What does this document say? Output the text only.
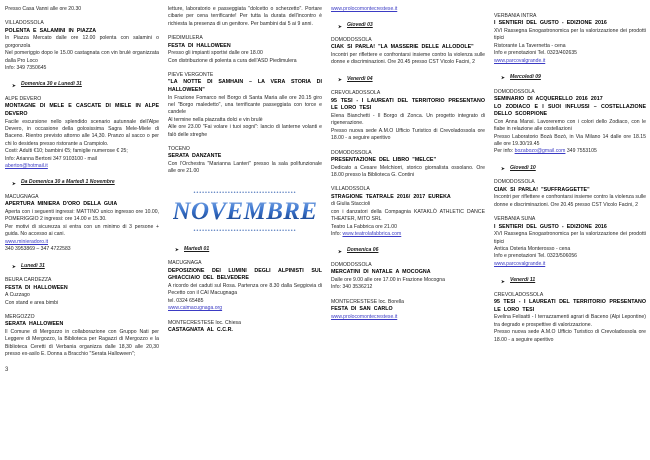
Presso Casa Vanni alle ore 20.30

VILLADOSSOLA

POLENTA E SALAMINI IN PIAZZA

In Piazza Mercato dalle ore 12.00 polenta con salamini o gorgonzola

Nel pomeriggio dopo le 15.00 castagnata con vin brulé organizzata dalla Pro Loco

Info: 349 7350645

➤ Domenica 30 e Lunedì 31

ALPE DEVERO

MONTAGNE DI MELE E CASCATE DI MIELE IN ALPE DEVERO

Facile escursione nello splendido scenario autunnale dell'Alpe Devero, in occasione della golosissima Sagra Mele-Miele di Baceno. Rientro previsto attorno alle 14,30. Pranzo al sacco o per chi lo desidera presso ristorante a Crampiolo.

Costi: Adulti €10; bambini €5; famiglie numerose € 25;

Info: Arianna Bertoni 347 9103100 - mail

aberton@hotmail.it

➤ Da Domenica 30 a Martedì 1 Novembre

MACUGNAGA

APERTURA MINIERA D'ORO DELLA GUIA

Aperta con i seguenti ingressi: MATTINO unico ingresso ore 10.00, POMERIGGIO 2 ingressi: ore 14.00 e 15.30.

Per motivi di sicurezza si entra con un minimo di 3 persone + guida. No accesso ai cani.

www.minieradoro.it

340 3953869 – 347 4722583

➤ Lunedì 31

BEURA CARDEZZA

FESTA DI HALLOWEEN

A Cuzzago

Con stand e area bimbi

MERGOZZO

SERATA HALLOWEEN

Il Comune di Mergozzo in collaborazione con Gruppo Nati per Leggere di Mergozzo, la Biblioteca per Ragazzi di Mergozzo e la Biblioteca Ceretti di Verbania organizza dalle 18,30 alle 20,30 presso ex-asilo E. Donna a Bracchio "Serata Halloween";

3

letture, laboratorio e passeggiata "dolcetto o scherzetto". Portare cibarie per cena terrificante! Per tutta la durata dell'incontro è richiesta la presenza di un genitore. Per bambini dai 5 ai 9 anni.

PIEDIMULERA

FESTA DI HALLOWEEN

Presso gli impianti sportivi dalle ore 18.00

Con distribuzione di polenta a cura dell'ASD Piedimulera

PIEVE VERGONTE

"LA NOTTE DI SAMHAIN – LA VERA STORIA DI HALLOWEEN"

In Frazione Fomarco nel Borgo di Santa Maria alle ore 20.15 giro nel "Borgo maledetto", una terrificante passeggiata con torce e candele

Al termine nella piazzatta dolci e vin brulè

Alle ore 23.00 "Fai volare i tuoi sogni": lancio di lanterne volanti e falò delle streghe

TOCENO

SERATA DANZANTE

Con l'Orchestra "Marianna Lanteri" presso la sala polifunzionale alle ore 21.00

••••••••••••••••••••••••••••••••••••
NOVEMBRE
••••••••••••••••••••••••••••••••••••

➤ Martedì 01

MACUGNAGA

DEPOSIZIONE DEI LUMINI DEGLI ALPINISTI SUL GHIACCIAIO DEL BELVEDERE

A ricordo dei caduti sul Rosa. Partenza ore 8.30 dalla Seggiovia di Pecetto con il CAI Macugnaga

tel. 0324 65485

www.caimacugnaga.org

MONTECRESTESE loc. Chiesa

CASTAGNATA AL C.C.R.

www.prolocomontecrestese.it

➤ Giovedì 03

DOMODOSSOLA

CIAK SI PARLA! "LA MASSERIE DELLE ALLODOLE"

Incontri per riflettere e confrontarsi insieme contro la violenza sulle donne e discriminazioni. Ore 20.45 presso CST Vicolo Facini, 2

➤ Venerdì 04

CREVOLADOSSOLA

95 TESI - I LAUREATI DEL TERRITORIO PRESENTANO LE LORO TESI

Elena Bianchetti - Il Borgo di Zonca. Un progetto integrato di rigenerazione.

Presso nuova sede A.M.O Ufficio Turistico di Crevoladossola ore 18.00 - a seguire aperitivo

DOMODOSSOLA

PRESENTAZIONE DEL LIBRO "MELCE"

Dedicato a Cesare Melchiorri, storico giornalista ossolano. Ore 18.00 presso la Biblioteca G. Contini

VILLADOSSOLA

STRAGIONE TEATRALE 2016/ 2017 EUREKA

di Giulia Staccioli

con i danzatori della Compagnia KATAKLÒ ATHLETIC DANCE THEATER, MITO SRL

Teatro La Fabbrica ore 21.00

Info: www.teatrolafabbrica.com

➤ Domenica 06

DOMODOSSOLA

MERCATINI DI NATALE A MOCOGNA

Dalle ore 9.00 alle ore 17.00 in Frazione Mocogna

Info: 340 3536212

MONTECRESTESE loc. Borella

FESTA DI SAN CARLO

www.prolocomontecrestese.it

VERBANIA INTRA

I SENTIERI DEL GUSTO - EDIZIONE 2016

XVI Rassegna Enogastronomica per la valorizzazione dei prodotti tipici

Ristorante La Tavernetta - cena

Info e prenotazioni Tel. 0323/402635

www.parcovalgrande.it

➤ Mercoledì 09

DOMODOSSOLA

SEMINARIO DI ACQUERELLO 2016 2017

LO ZODIACO E I SUOI INFLUSSI – COSTELLAZIONE DELLO SCORPIONE

Con Anna Mansi. Lavoreremo con i colori dello Zodiaco, con le fiabe in relazione alle costellazioni

Presso Laboratorio Bozà Bozò, in Via Milano 14 dalle ore 18.15 alle ore 19.30/19.45

Per info: bozabozo@gmail.com 349 7553105

➤ Giovedì 10

DOMODOSSOLA

CIAK SI PARLA! "SUFFRAGGETTE"

Incontri per riflettere e confrontarsi insieme contro la violenza sulle donne e discriminazioni. Ore 20.45 presso CST Vicolo Facini, 2

VERBANIA SUNA

I SENTIERI DEL GUSTO - EDIZIONE 2016

XVI Rassegna Enogastronomica per la valorizzazione dei prodotti tipici

Antica Osteria Monterosso - cena

Info e prenotazioni Tel. 0323/506056

www.parcovalgrande.it

➤ Venerdì 11

CREVOLADOSSOLA

95 TESI - I LAUREATI DEL TERRITORIO PRESENTANO LE LORO TESI

Evelina Felisatti - I terrazzamenti agrari di Baceno (Alpi Lepontine) tra degrado e prospettive di valorizzazione.

Presso nuova sede A.M.O Ufficio Turistico di Crevoladossola ore 18.00 - a seguire aperitivo
